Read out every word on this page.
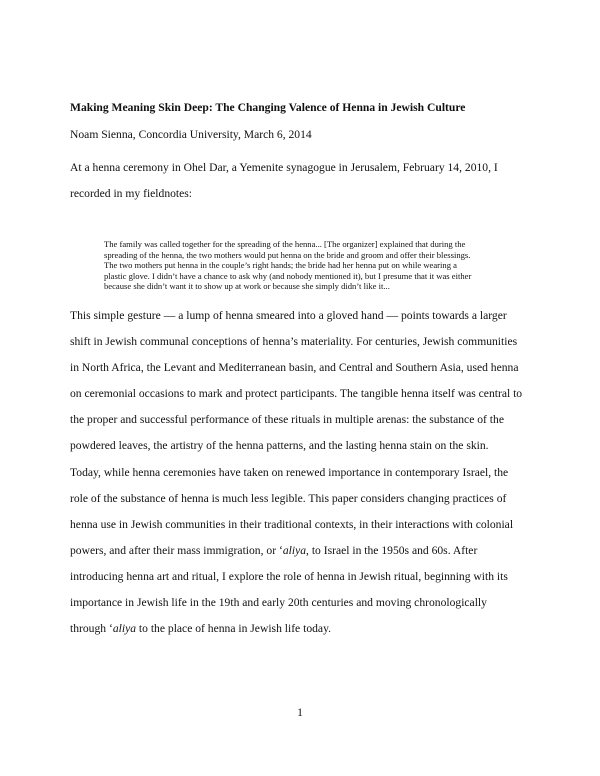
Making Meaning Skin Deep: The Changing Valence of Henna in Jewish Culture
Noam Sienna, Concordia University, March 6, 2014
At a henna ceremony in Ohel Dar, a Yemenite synagogue in Jerusalem, February 14, 2010, I
recorded in my fieldnotes:
The family was called together for the spreading of the henna... [The organizer] explained that during the
spreading of the henna, the two mothers would put henna on the bride and groom and offer their blessings.
The two mothers put henna in the couple’s right hands; the bride had her henna put on while wearing a
plastic glove. I didn’t have a chance to ask why (and nobody mentioned it), but I presume that it was either
because she didn’t want it to show up at work or because she simply didn’t like it...
This simple gesture — a lump of henna smeared into a gloved hand — points towards a larger
shift in Jewish communal conceptions of henna’s materiality. For centuries, Jewish communities
in North Africa, the Levant and Mediterranean basin, and Central and Southern Asia, used henna
on ceremonial occasions to mark and protect participants. The tangible henna itself was central to
the proper and successful performance of these rituals in multiple arenas: the substance of the
powdered leaves, the artistry of the henna patterns, and the lasting henna stain on the skin.
Today, while henna ceremonies have taken on renewed importance in contemporary Israel, the
role of the substance of henna is much less legible. This paper considers changing practices of
henna use in Jewish communities in their traditional contexts, in their interactions with colonial
powers, and after their mass immigration, or ‘aliya, to Israel in the 1950s and 60s. After
introducing henna art and ritual, I explore the role of henna in Jewish ritual, beginning with its
importance in Jewish life in the 19th and early 20th centuries and moving chronologically
through ‘aliya to the place of henna in Jewish life today.
1
